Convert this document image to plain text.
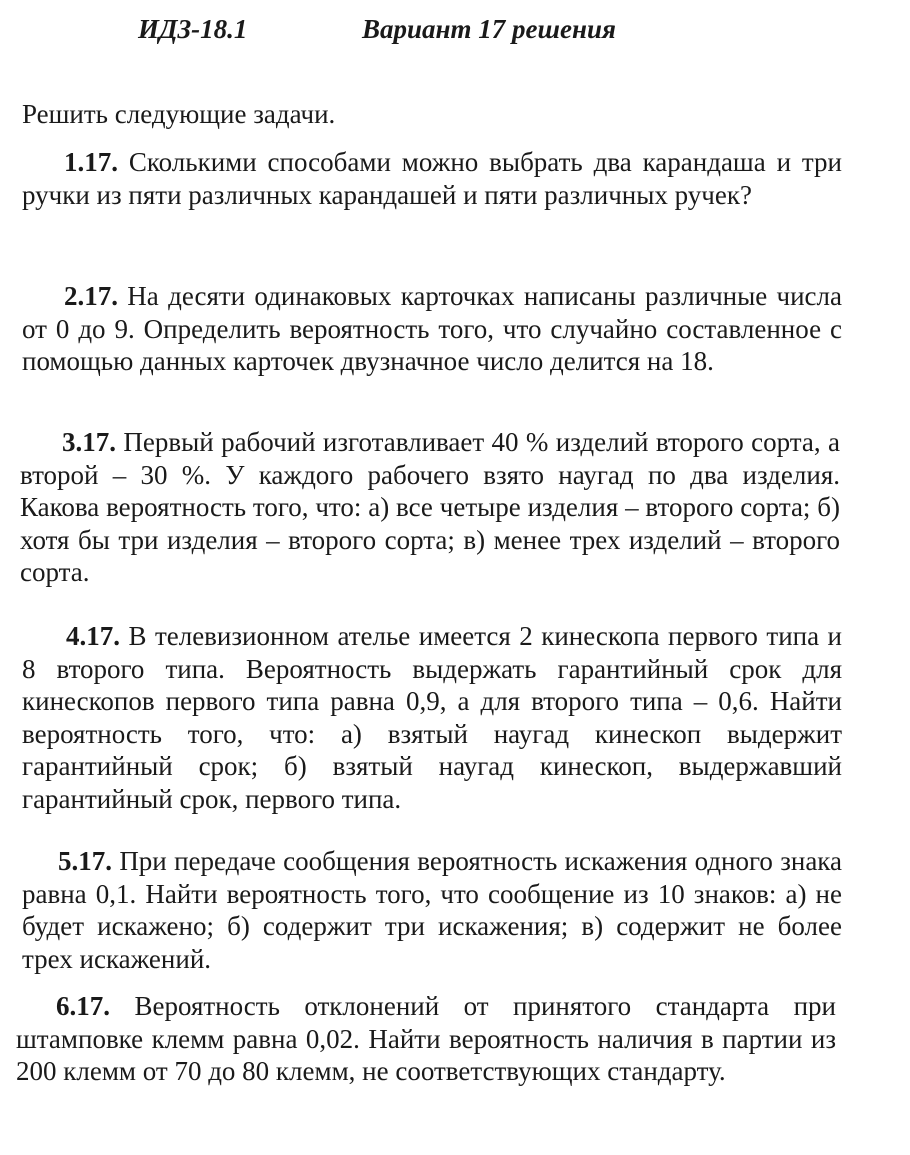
ИДЗ-18.1	Вариант 17 решения
Решить следующие задачи.
1.17. Сколькими способами можно выбрать два карандаша и три ручки из пяти различных карандашей и пяти различных ручек?
2.17. На десяти одинаковых карточках написаны различные числа от 0 до 9. Определить вероятность того, что случайно составленное с помощью данных карточек двузначное число делится на 18.
3.17. Первый рабочий изготавливает 40 % изделий второго сорта, а второй – 30 %. У каждого рабочего взято наугад по два изделия. Какова вероятность того, что: а) все четыре изделия – второго сорта; б) хотя бы три изделия – второго сорта; в) менее трех изделий – второго сорта.
4.17. В телевизионном ателье имеется 2 кинескопа первого типа и 8 второго типа. Вероятность выдержать гарантийный срок для кинескопов первого типа равна 0,9, а для второго типа – 0,6. Найти вероятность того, что: а) взятый наугад кинескоп выдержит гарантийный срок; б) взятый наугад кинескоп, выдержавший гарантийный срок, первого типа.
5.17. При передаче сообщения вероятность искажения одного знака равна 0,1. Найти вероятность того, что сообщение из 10 знаков: а) не будет искажено; б) содержит три искажения; в) содержит не более трех искажений.
6.17. Вероятность отклонений от принятого стандарта при штамповке клемм равна 0,02. Найти вероятность наличия в партии из 200 клемм от 70 до 80 клемм, не соответствующих стандарту.
